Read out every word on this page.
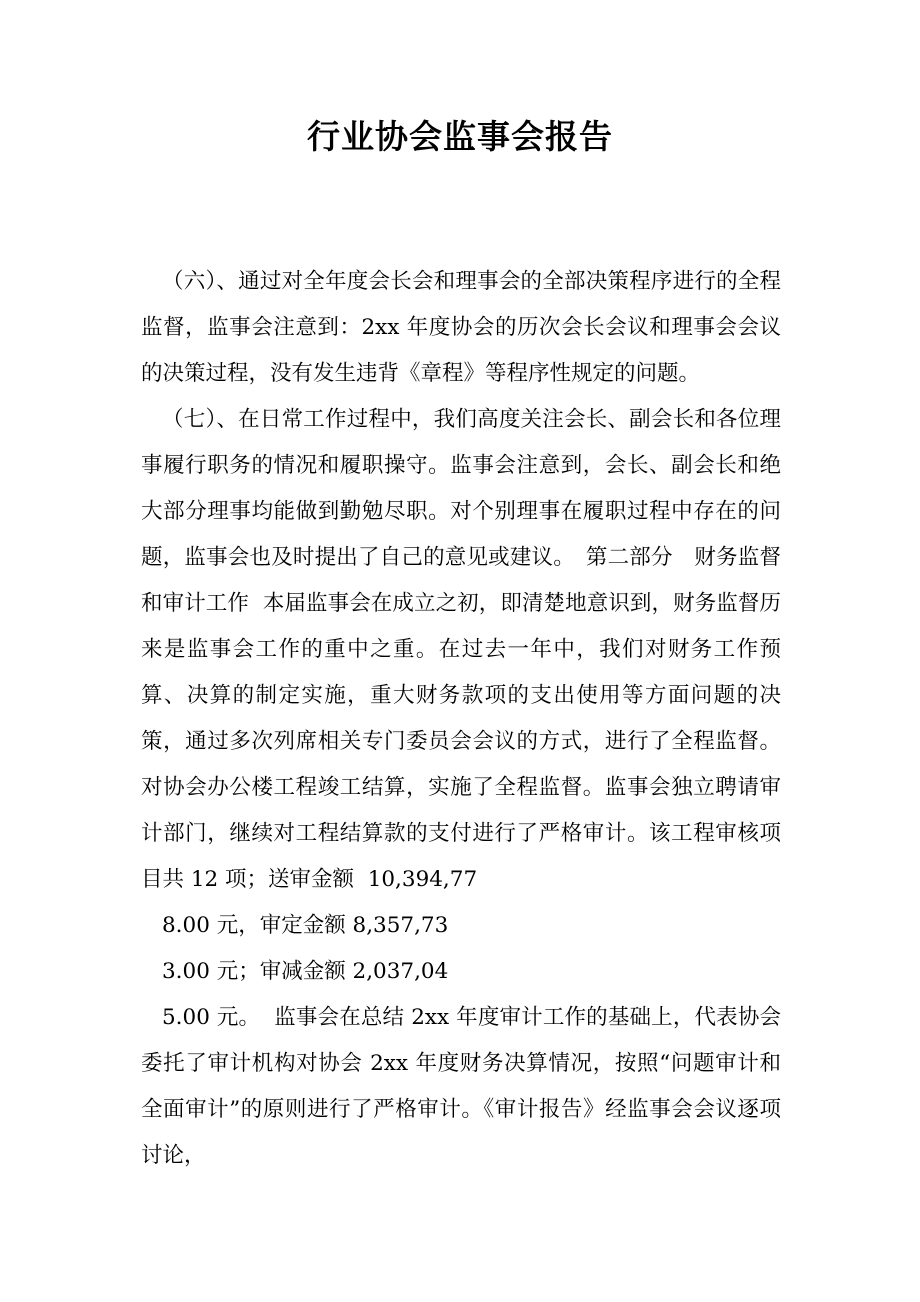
行业协会监事会报告

（六）、通过对全年度会长会和理事会的全部决策程序进行的全程监督，监事会注意到：2xx 年度协会的历次会长会议和理事会会议的决策过程，没有发生违背《章程》等程序性规定的问题。

（七）、在日常工作过程中，我们高度关注会长、副会长和各位理事履行职务的情况和履职操守。监事会注意到，会长、副会长和绝大部分理事均能做到勤勉尽职。对个别理事在履职过程中存在的问题，监事会也及时提出了自己的意见或建议。　第二部分　财务监督和审计工作  本届监事会在成立之初，即清楚地意识到，财务监督历来是监事会工作的重中之重。在过去一年中，我们对财务工作预算、决算的制定实施，重大财务款项的支出使用等方面问题的决策，通过多次列席相关专门委员会会议的方式，进行了全程监督。对协会办公楼工程竣工结算，实施了全程监督。监事会独立聘请审计部门，继续对工程结算款的支付进行了严格审计。该工程审核项目共 12 项；送审金额  10,394,77

8.00 元，审定金额 8,357,73

3.00 元；审减金额 2,037,04

5.00 元。  监事会在总结 2xx 年度审计工作的基础上，代表协会委托了审计机构对协会 2xx 年度财务决算情况，按照“问题审计和全面审计”的原则进行了严格审计。《审计报告》经监事会会议逐项讨论，
